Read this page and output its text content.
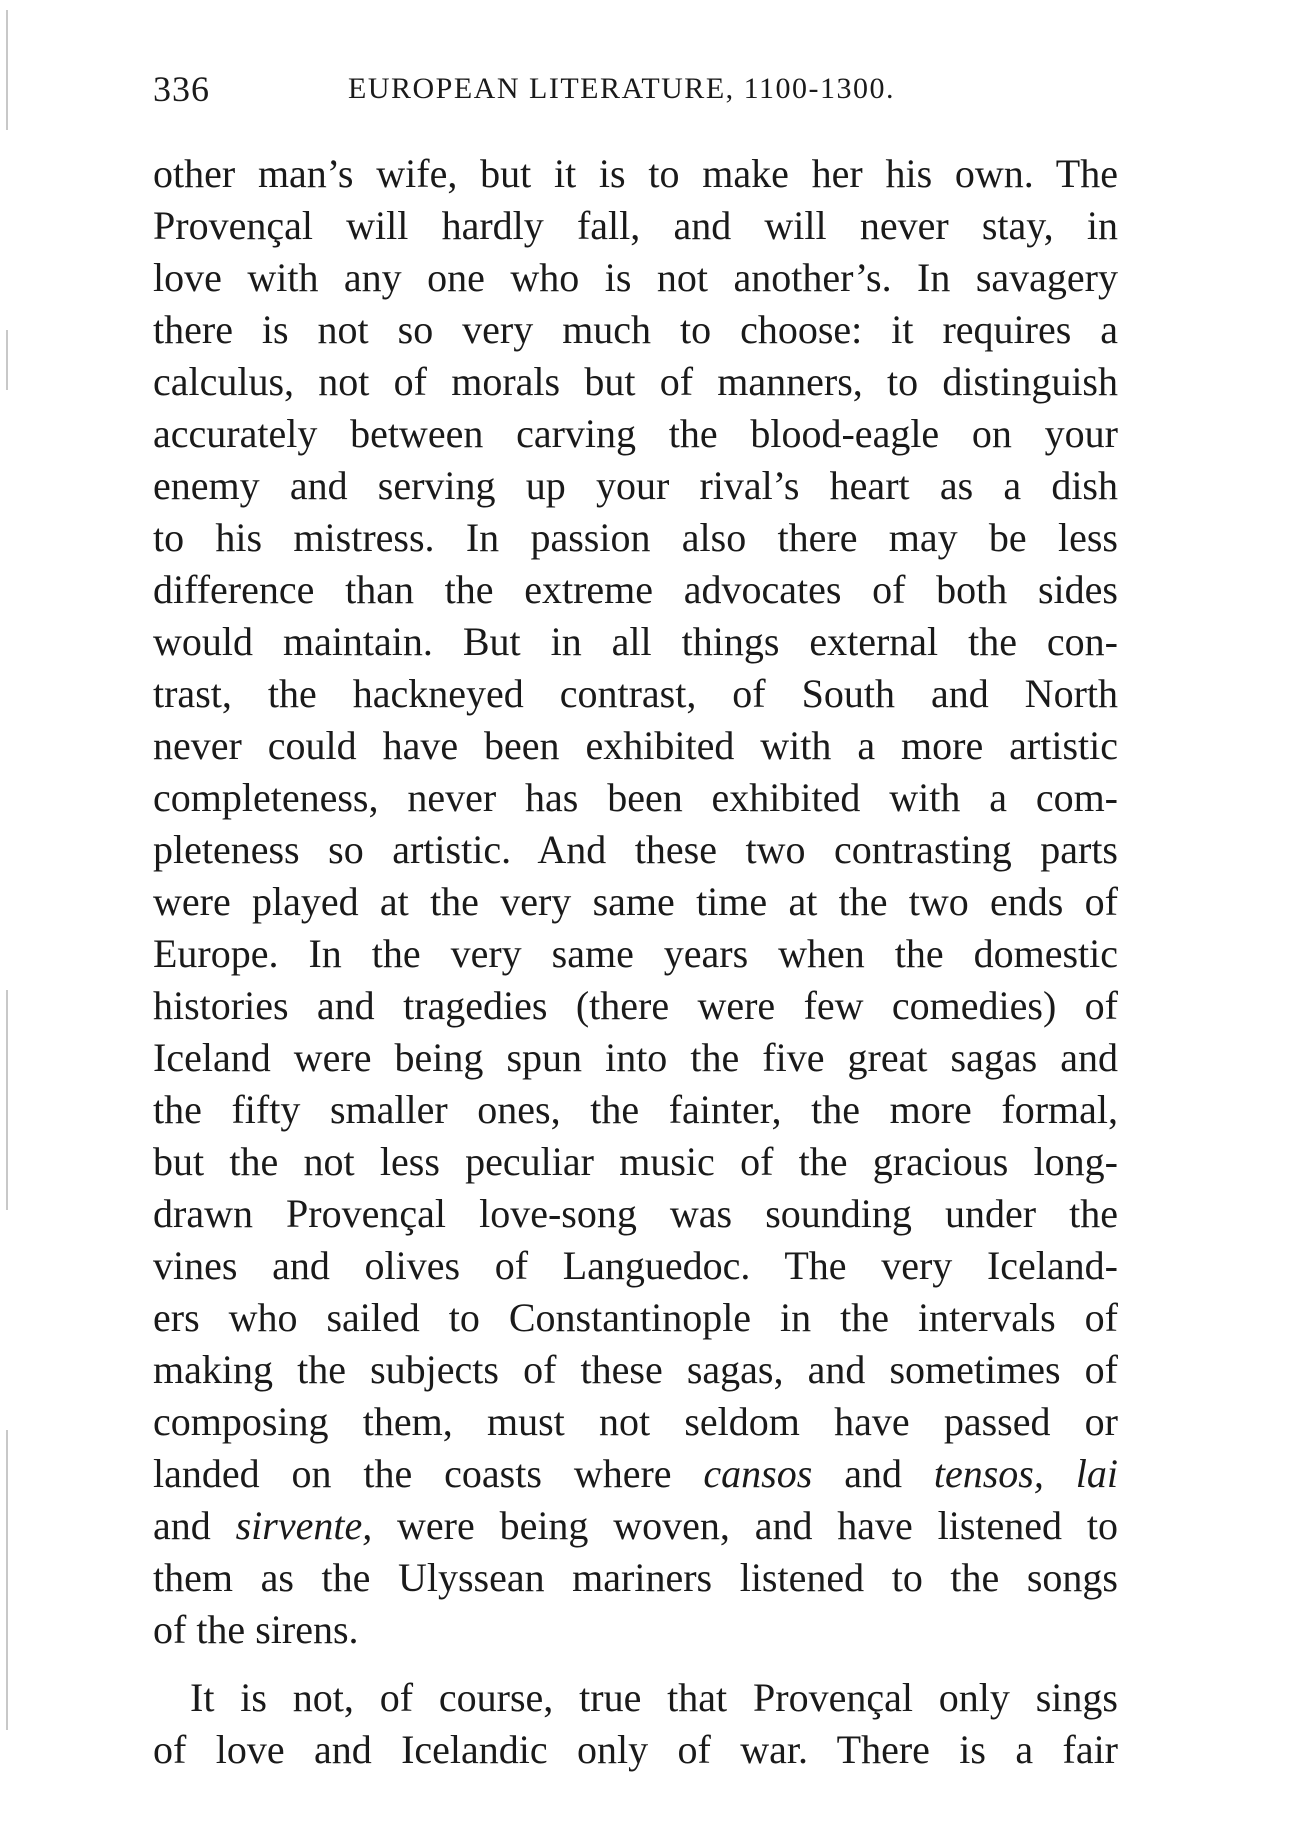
336	EUROPEAN LITERATURE, 1100-1300.
other man’s wife, but it is to make her his own. The
Provençal will hardly fall, and will never stay, in
love with any one who is not another’s. In savagery
there is not so very much to choose: it requires a
calculus, not of morals but of manners, to distinguish
accurately between carving the blood-eagle on your
enemy and serving up your rival’s heart as a dish
to his mistress. In passion also there may be less
difference than the extreme advocates of both sides
would maintain. But in all things external the con-
trast, the hackneyed contrast, of South and North
never could have been exhibited with a more artistic
completeness, never has been exhibited with a com-
pleteness so artistic. And these two contrasting parts
were played at the very same time at the two ends of
Europe. In the very same years when the domestic
histories and tragedies (there were few comedies) of
Iceland were being spun into the five great sagas and
the fifty smaller ones, the fainter, the more formal,
but the not less peculiar music of the gracious long-
drawn Provençal love-song was sounding under the
vines and olives of Languedoc. The very Iceland-
ers who sailed to Constantinople in the intervals of
making the subjects of these sagas, and sometimes of
composing them, must not seldom have passed or
landed on the coasts where cansos and tensos, lai
and sirvente, were being woven, and have listened to
them as the Ulyssean mariners listened to the songs
of the sirens.
It is not, of course, true that Provençal only sings
of love and Icelandic only of war. There is a fair
